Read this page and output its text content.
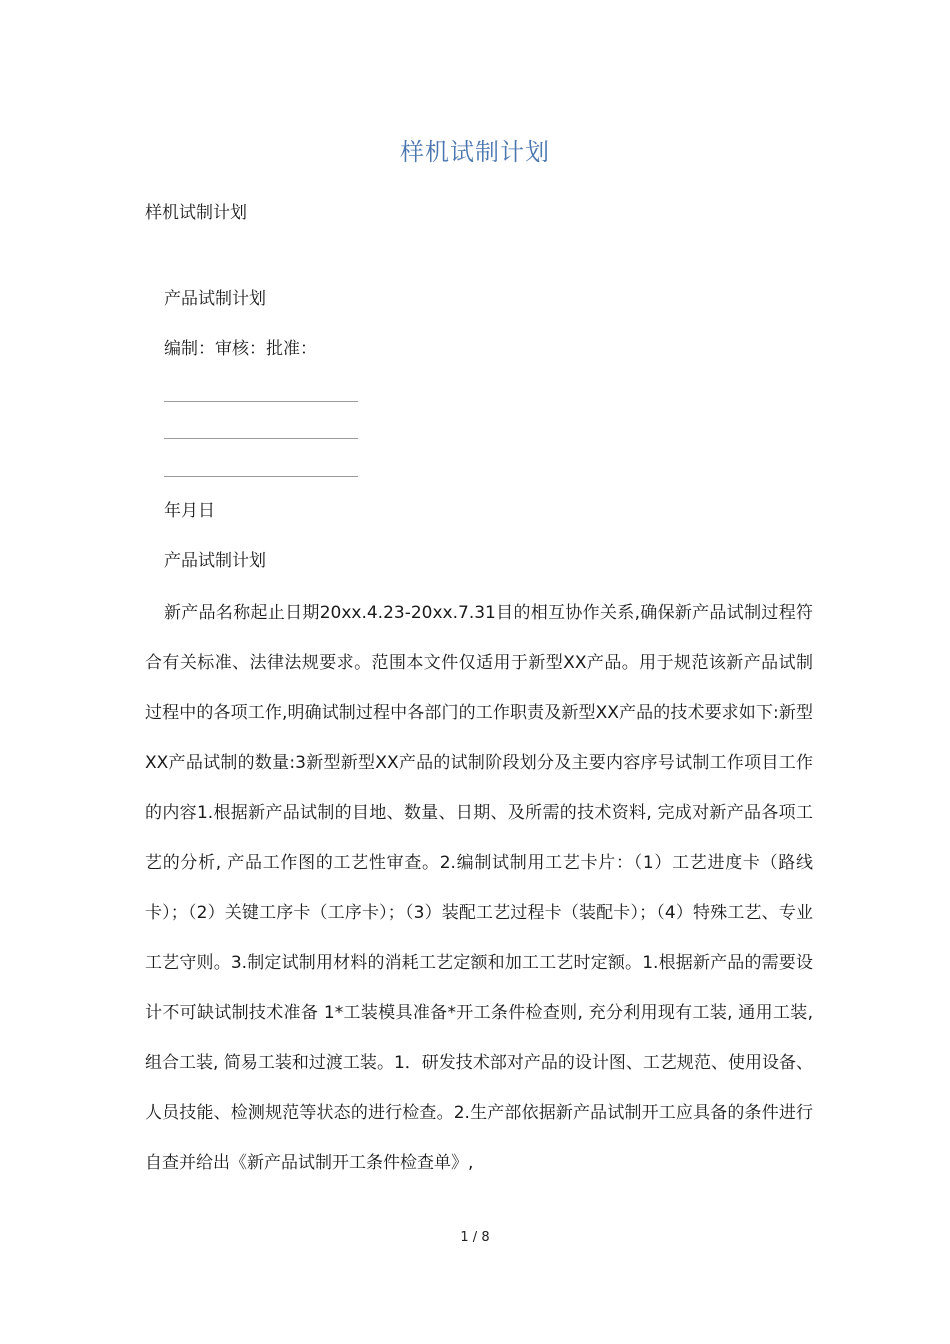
样机试制计划
样机试制计划
产品试制计划
编制：审核：批准：
年月日
产品试制计划
新产品名称起止日期20xx.4.23-20xx.7.31目的相互协作关系,确保新产品试制过程符合有关标准、法律法规要求。范围本文件仅适用于新型XX产品。用于规范该新产品试制过程中的各项工作,明确试制过程中各部门的工作职责及新型XX产品的技术要求如下:新型XX产品试制的数量:3新型新型XX产品的试制阶段划分及主要内容序号试制工作项目工作的内容1.根据新产品试制的目地、数量、日期、及所需的技术资料, 完成对新产品各项工艺的分析, 产品工作图的工艺性审查。2.编制试制用工艺卡片：（1）工艺进度卡（路线卡）；（2）关键工序卡（工序卡）；（3）装配工艺过程卡（装配卡）；（4）特殊工艺、专业工艺守则。3.制定试制用材料的消耗工艺定额和加工工艺时定额。1.根据新产品的需要设计不可缺试制技术准备 1*工装模具准备*开工条件检查则, 充分利用现有工装, 通用工装, 组合工装, 简易工装和过渡工装。1．研发技术部对产品的设计图、工艺规范、使用设备、人员技能、检测规范等状态的进行检查。2.生产部依据新产品试制开工应具备的条件进行自查并给出《新产品试制开工条件检查单》,
1 / 8
